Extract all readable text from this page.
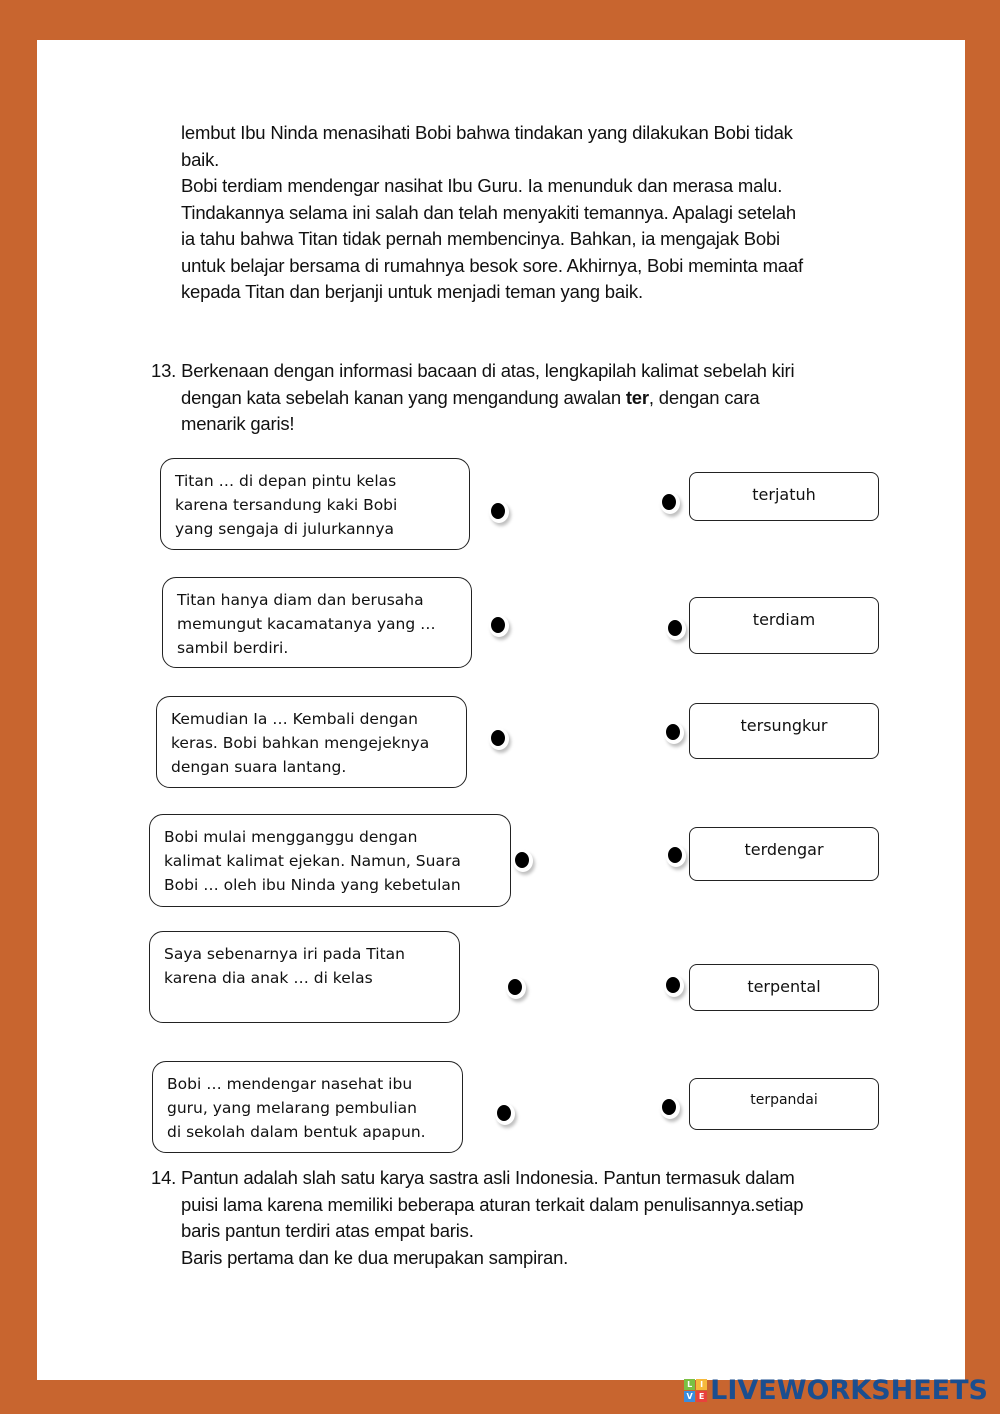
lembut Ibu Ninda menasihati Bobi bahwa tindakan yang dilakukan Bobi tidak

baik.

Bobi terdiam mendengar nasihat Ibu Guru. Ia menunduk dan merasa malu.

Tindakannya selama ini salah dan telah menyakiti temannya. Apalagi setelah

ia tahu bahwa Titan tidak pernah membencinya. Bahkan, ia mengajak Bobi

untuk belajar bersama di rumahnya besok sore. Akhirnya, Bobi meminta maaf

kepada Titan dan berjanji untuk menjadi teman yang baik.

13. Berkenaan dengan informasi bacaan di atas, lengkapilah kalimat sebelah kiri

dengan kata sebelah kanan yang mengandung awalan ter, dengan cara

menarik garis!

Titan … di depan pintu kelas

karena tersandung kaki Bobi

yang sengaja di julurkannya

Titan hanya diam dan berusaha

memungut kacamatanya yang …

sambil berdiri.

Kemudian Ia … Kembali dengan

keras. Bobi bahkan mengejeknya

dengan suara lantang.

Bobi mulai mengganggu dengan

kalimat kalimat ejekan. Namun, Suara

Bobi … oleh ibu Ninda yang kebetulan

Saya sebenarnya iri pada Titan

karena dia anak … di kelas

Bobi … mendengar nasehat ibu

guru, yang melarang pembulian

di sekolah dalam bentuk apapun.

terjatuh

terdiam

tersungkur

terdengar

terpental

terpandai

14. Pantun adalah slah satu karya sastra asli Indonesia. Pantun termasuk dalam

puisi lama karena memiliki beberapa aturan terkait dalam penulisannya.setiap

baris pantun terdiri atas empat baris.

Baris pertama dan ke dua merupakan sampiran.

L I
V E LIVEWORKSHEETS
